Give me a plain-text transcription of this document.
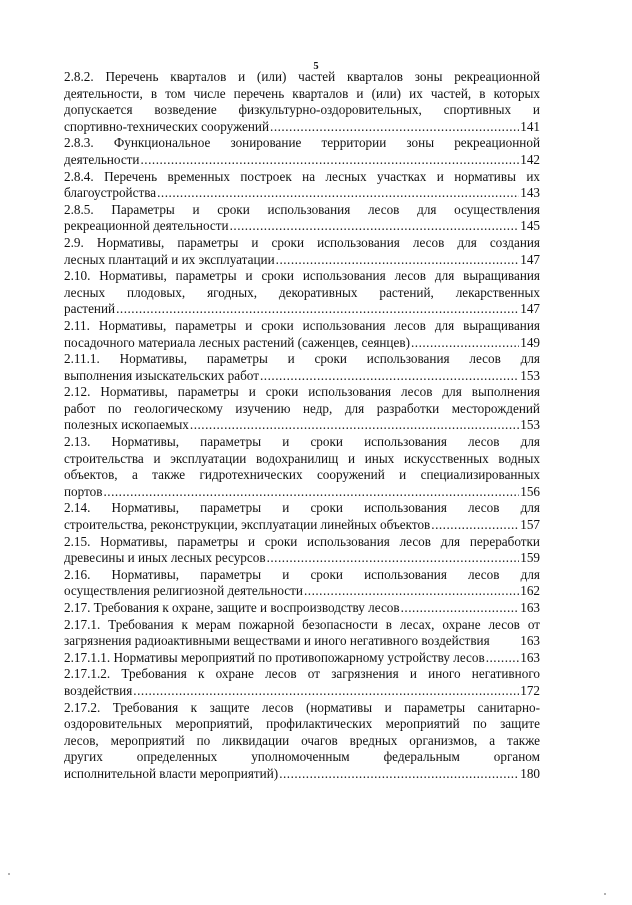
5
2.8.2. Перечень кварталов и (или) частей кварталов зоны рекреационной
деятельности, в том числе перечень кварталов и (или) их частей, в которых
допускается возведение физкультурно-оздоровительных, спортивных и
спортивно-технических сооружений .....	141
2.8.3. Функциональное зонирование территории зоны рекреационной
деятельности .....	142
2.8.4. Перечень временных построек на лесных участках и нормативы их
благоустройства .....	143
2.8.5. Параметры и сроки использования лесов для осуществления
рекреационной деятельности .....	145
2.9. Нормативы, параметры и сроки использования лесов для создания
лесных плантаций и их эксплуатации .....	147
2.10. Нормативы, параметры и сроки использования лесов для выращивания
лесных плодовых, ягодных, декоративных растений, лекарственных
растений .....	147
2.11. Нормативы, параметры и сроки использования лесов для выращивания
посадочного материала лесных растений (саженцев, сеянцев) .....	149
2.11.1. Нормативы, параметры и сроки использования лесов для
выполнения изыскательских работ .....	153
2.12. Нормативы, параметры и сроки использования лесов для выполнения
работ по геологическому изучению недр, для разработки месторождений
полезных ископаемых .....	153
2.13. Нормативы, параметры и сроки использования лесов для
строительства и эксплуатации водохранилищ и иных искусственных водных
объектов, а также гидротехнических сооружений и специализированных
портов .....	156
2.14. Нормативы, параметры и сроки использования лесов для
строительства, реконструкции, эксплуатации линейных объектов .....	157
2.15. Нормативы, параметры и сроки использования лесов для переработки
древесины и иных лесных ресурсов .....	159
2.16. Нормативы, параметры и сроки использования лесов для
осуществления религиозной деятельности .....	162
2.17. Требования к охране, защите и воспроизводству лесов .....	163
2.17.1. Требования к мерам пожарной безопасности в лесах, охране лесов от
загрязнения радиоактивными веществами и иного негативного воздействия 163
2.17.1.1. Нормативы мероприятий по противопожарному устройству лесов .....	163
2.17.1.2. Требования к охране лесов от загрязнения и иного негативного
воздействия .....	172
2.17.2. Требования к защите лесов (нормативы и параметры санитарно-
оздоровительных мероприятий, профилактических мероприятий по защите
лесов, мероприятий по ликвидации очагов вредных организмов, а также
других определенных уполномоченным федеральным органом
исполнительной власти мероприятий) .....	180
